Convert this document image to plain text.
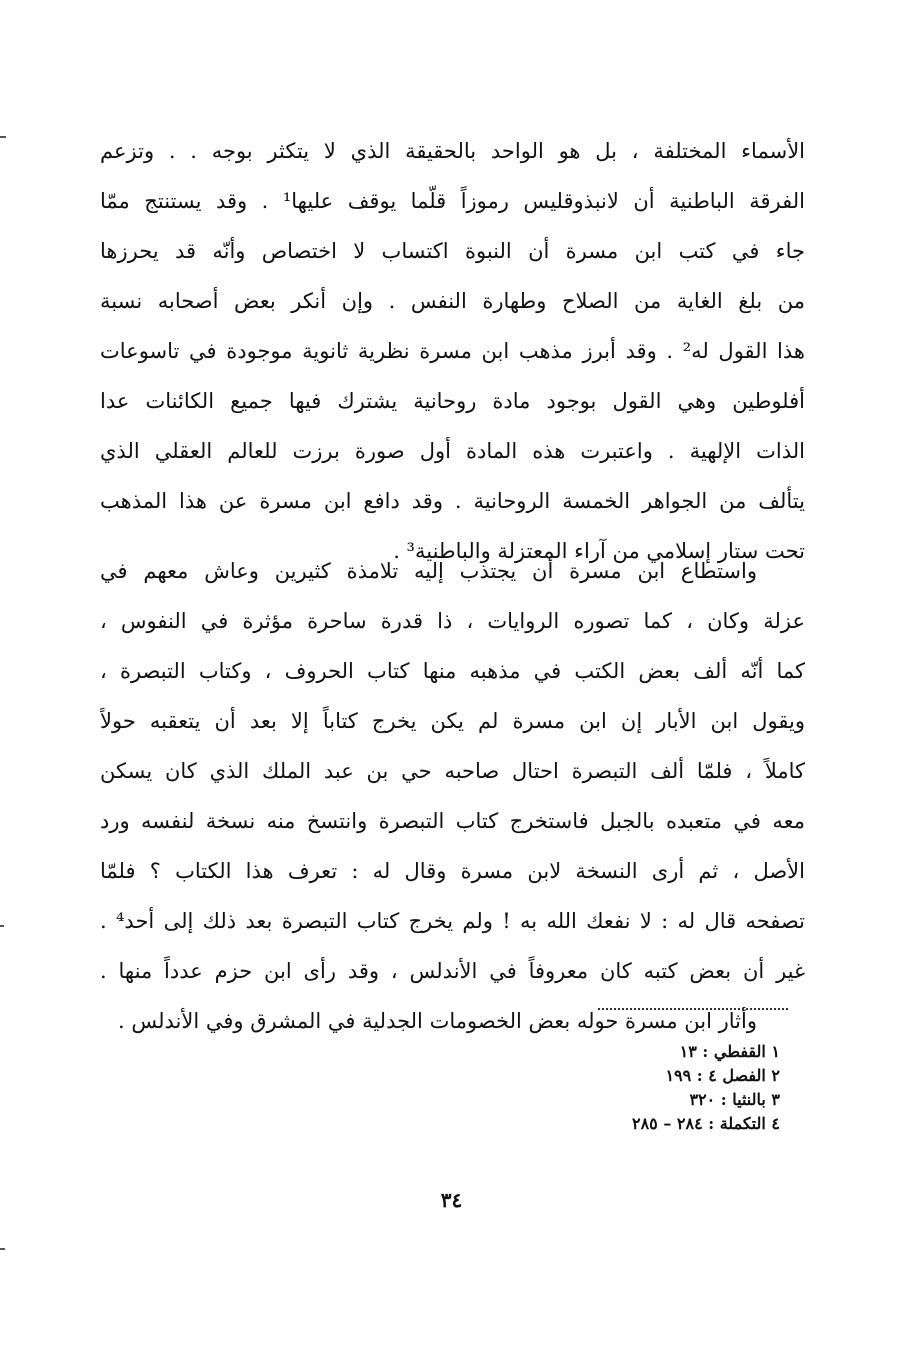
الأسماء المختلفة ، بل هو الواحد بالحقيقة الذي لا يتكثر بوجه . . وتزعم
الفرقة الباطنية أن لانبذوقليس رموزاً قلّما يوقف عليها¹ . وقد يستنتج ممّا
جاء في كتب ابن مسرة أن النبوة اكتساب لا اختصاص وأنّه قد يحرزها
من بلغ الغاية من الصلاح وطهارة النفس . وإن أنكر بعض أصحابه نسبة
هذا القول له² . وقد أبرز مذهب ابن مسرة نظرية ثانوية موجودة في تاسوعات
أفلوطين وهي القول بوجود مادة روحانية يشترك فيها جميع الكائنات عدا
الذات الإلهية . واعتبرت هذه المادة أول صورة برزت للعالم العقلي الذي
يتألف من الجواهر الخمسة الروحانية . وقد دافع ابن مسرة عن هذا المذهب
تحت ستار إسلامي من آراء المعتزلة والباطنية³ .
واستطاع ابن مسرة أن يجتذب إليه تلامذة كثيرين وعاش معهم في
عزلة وكان ، كما تصوره الروايات ، ذا قدرة ساحرة مؤثرة في النفوس ،
كما أنّه ألف بعض الكتب في مذهبه منها كتاب الحروف ، وكتاب التبصرة ،
ويقول ابن الأبار إن ابن مسرة لم يكن يخرج كتاباً إلا بعد أن يتعقبه حولاً
كاملاً ، فلمّا ألف التبصرة احتال صاحبه حي بن عبد الملك الذي كان يسكن
معه في متعبده بالجبل فاستخرج كتاب التبصرة وانتسخ منه نسخة لنفسه ورد
الأصل ، ثم أرى النسخة لابن مسرة وقال له : تعرف هذا الكتاب ؟ فلمّا
تصفحه قال له : لا نفعك الله به ! ولم يخرج كتاب التبصرة بعد ذلك إلى أحد⁴ .
غير أن بعض كتبه كان معروفاً في الأندلس ، وقد رأى ابن حزم عدداً منها .
وأثار ابن مسرة حوله بعض الخصومات الجدلية في المشرق وفي الأندلس .
١ القفطي : ١٣
٢ الفصل ٤ : ١٩٩
٣ بالنثيا : ٣٢٠
٤ التكملة : ٢٨٤ – ٢٨٥
٣٤
